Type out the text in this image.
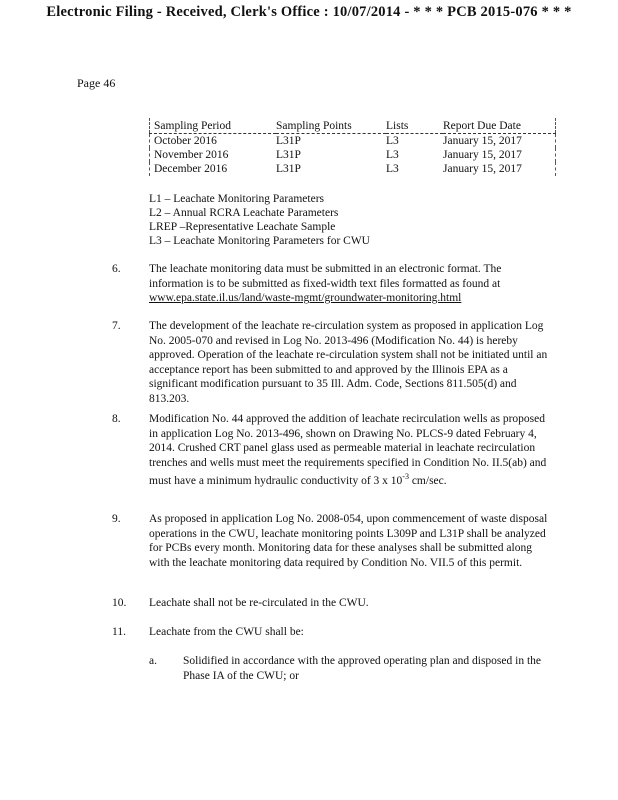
Electronic Filing - Received, Clerk's Office : 10/07/2014 - * * * PCB 2015-076 * * *
Page 46
Sampling Period	Sampling Points	Lists	Report Due Date
October 2016	L31P	L3	January 15, 2017
November 2016	L31P	L3	January 15, 2017
December 2016	L31P	L3	January 15, 2017
L1 – Leachate Monitoring Parameters
L2 – Annual RCRA Leachate Parameters
LREP –Representative Leachate Sample
L3 – Leachate Monitoring Parameters for CWU
6. The leachate monitoring data must be submitted in an electronic format. The information is to be submitted as fixed-width text files formatted as found at www.epa.state.il.us/land/waste-mgmt/groundwater-monitoring.html
7. The development of the leachate re-circulation system as proposed in application Log No. 2005-070 and revised in Log No. 2013-496 (Modification No. 44) is hereby approved. Operation of the leachate re-circulation system shall not be initiated until an acceptance report has been submitted to and approved by the Illinois EPA as a significant modification pursuant to 35 Ill. Adm. Code, Sections 811.505(d) and 813.203.
8. Modification No. 44 approved the addition of leachate recirculation wells as proposed in application Log No. 2013-496, shown on Drawing No. PLCS-9 dated February 4, 2014. Crushed CRT panel glass used as permeable material in leachate recirculation trenches and wells must meet the requirements specified in Condition No. II.5(ab) and must have a minimum hydraulic conductivity of 3 x $10^{-3}$ cm/sec.
9. As proposed in application Log No. 2008-054, upon commencement of waste disposal operations in the CWU, leachate monitoring points L309P and L31P shall be analyzed for PCBs every month. Monitoring data for these analyses shall be submitted along with the leachate monitoring data required by Condition No. VII.5 of this permit.
10. Leachate shall not be re-circulated in the CWU.
11. Leachate from the CWU shall be:
a. Solidified in accordance with the approved operating plan and disposed in the Phase IA of the CWU; or
